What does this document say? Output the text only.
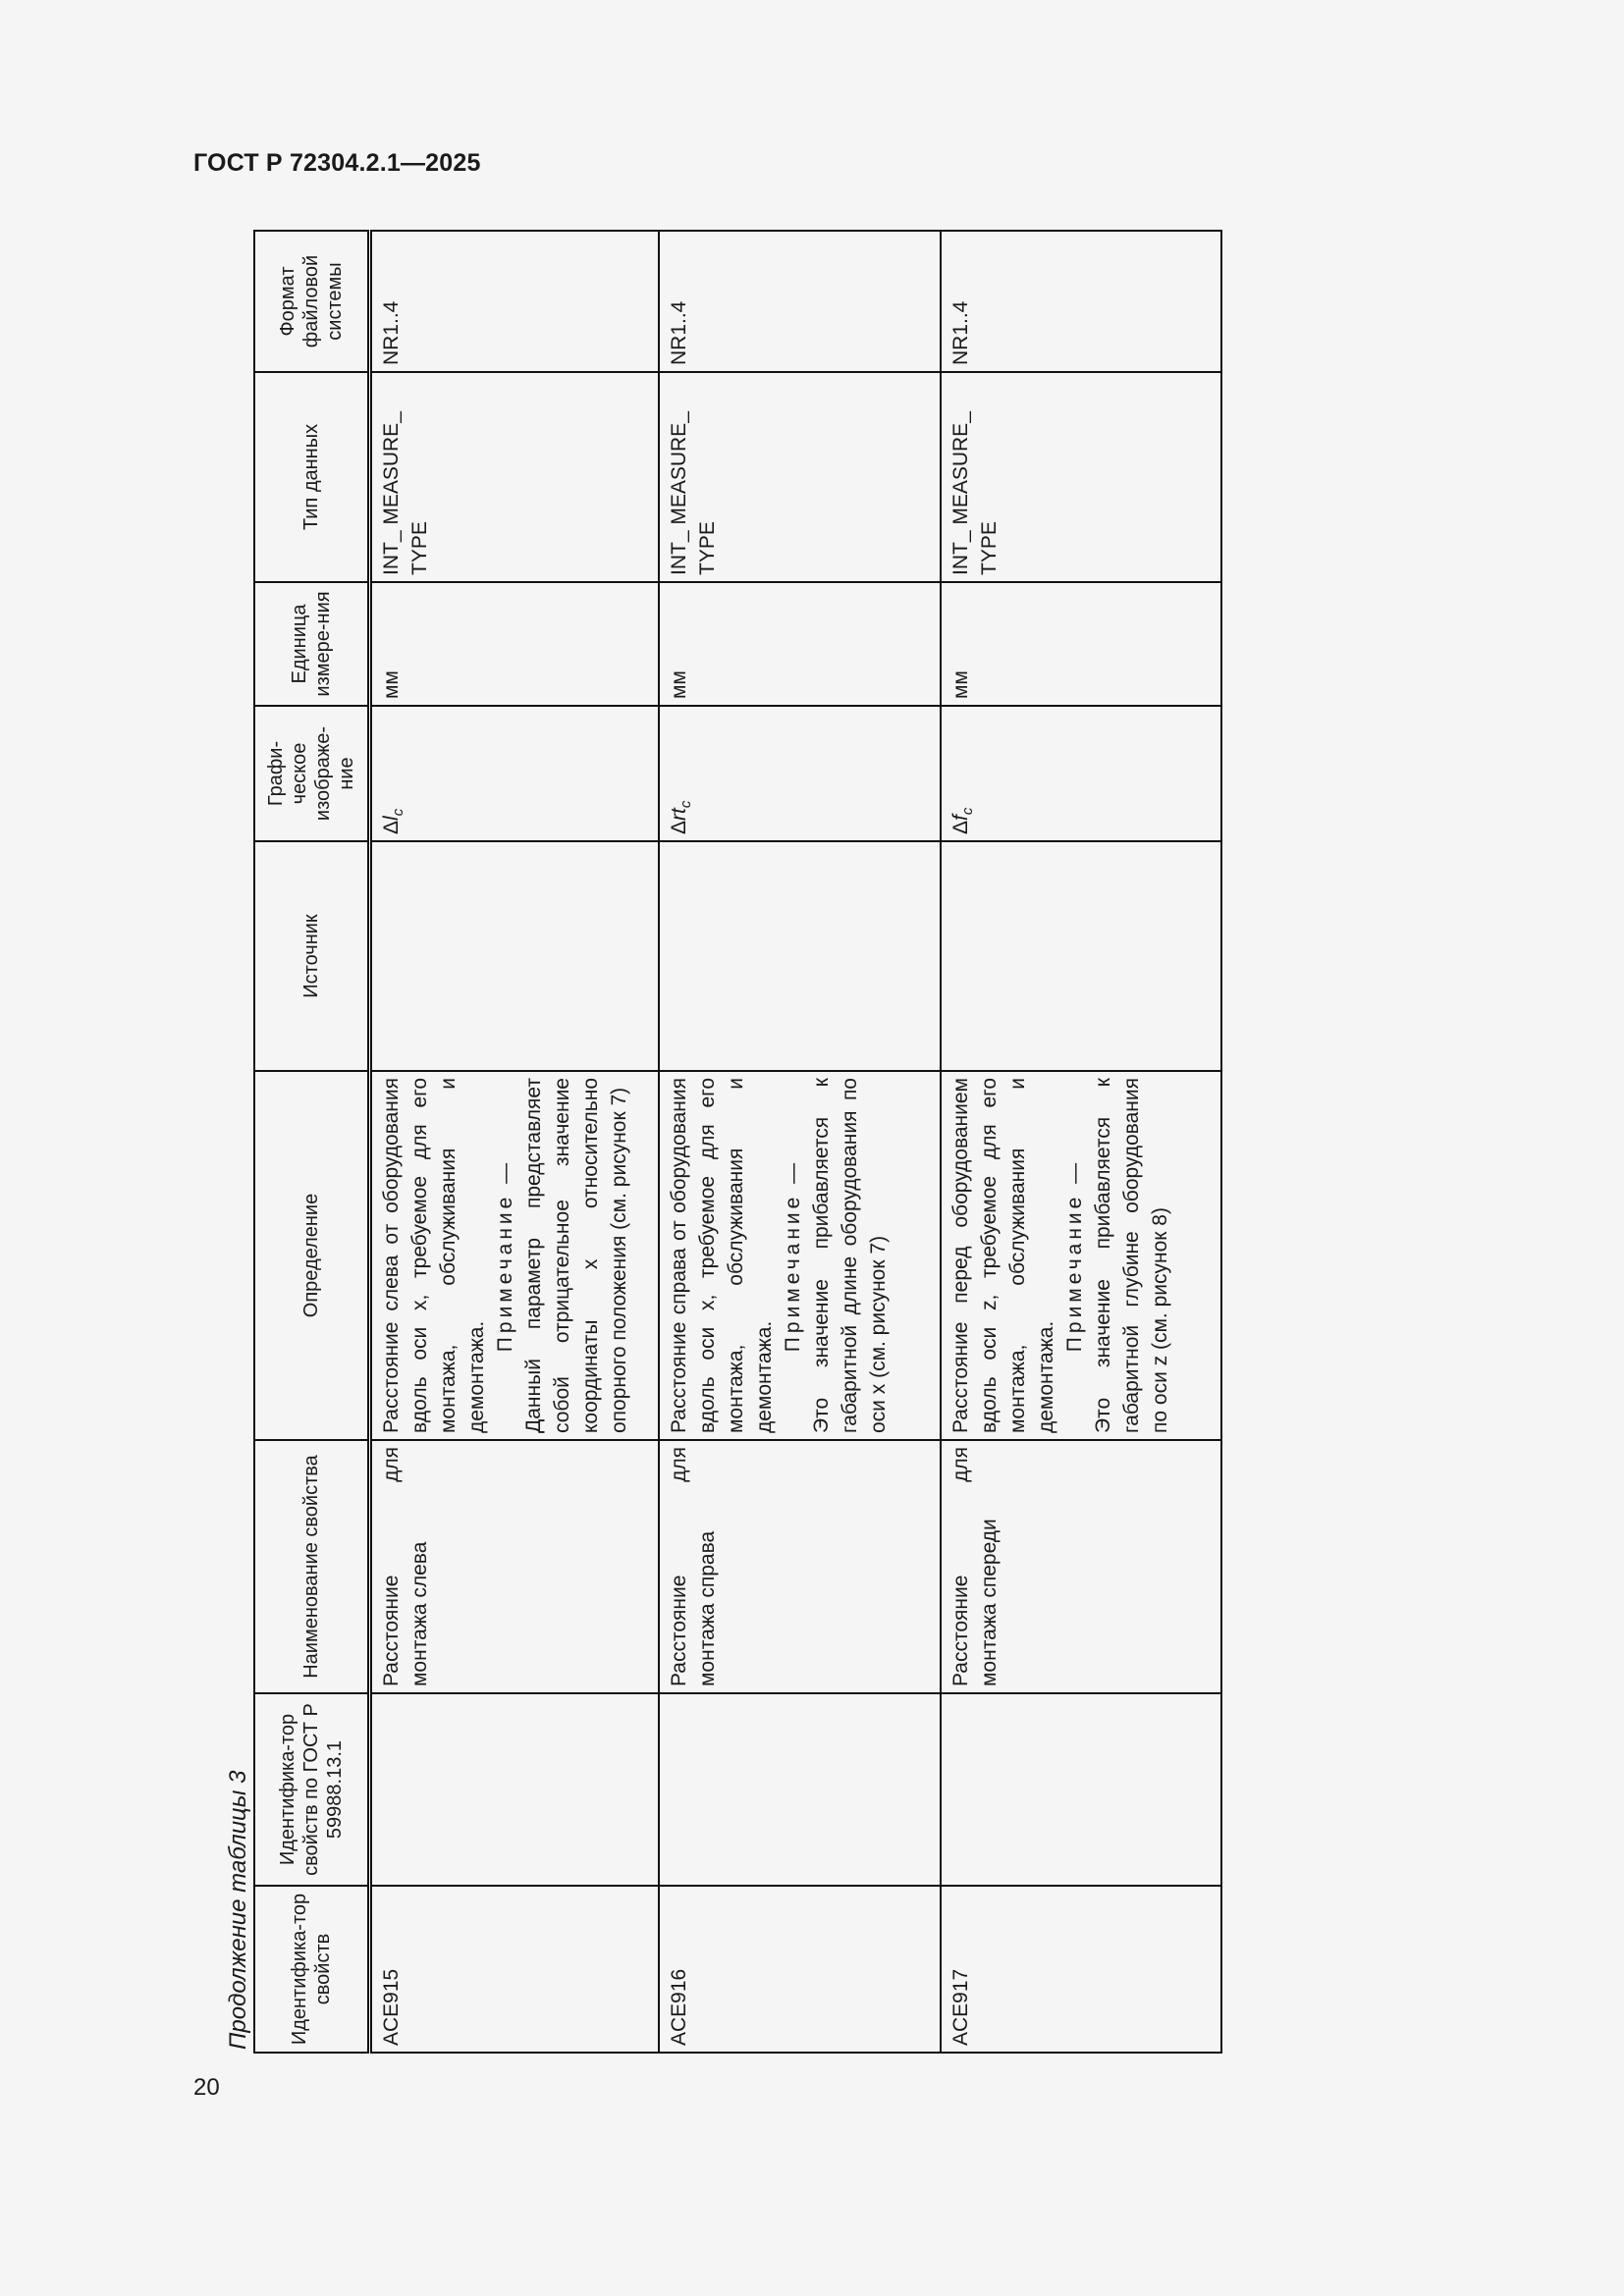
ГОСТ Р 72304.2.1—2025
Продолжение таблицы 3 Идентифика-тор свойств	Идентифика-тор свойств по ГОСТ Р 59988.13.1	Наименование свойства	Определение	Источник	Графи-ческое изображе-ние	Единица измере-ния	Тип данных	Формат файловой системы
ACE915		Расстояние для монтажа слева	Расстояние слева от оборудования вдоль оси x, требуемое для его монтажа, обслуживания и демонтажа.

Примечание — Данный параметр представляет собой отрицательное значение координаты x относительно опорного положения (см. рисунок 7)		$\Delta l_c$	мм	INT_ MEASURE_ TYPE	NR1..4
ACE916		Расстояние для монтажа справа	Расстояние справа от оборудования вдоль оси x, требуемое для его монтажа, обслуживания и демонтажа.

Примечание — Это значение прибавляется к габаритной длине оборудования по оси x (см. рисунок 7)		Δrt$_c$	мм	INT_ MEASURE_ TYPE	NR1..4
ACE917		Расстояние для монтажа спереди	Расстояние перед оборудованием вдоль оси z, требуемое для его монтажа, обслуживания и демонтажа.

Примечание — Это значение прибавляется к габаритной глубине оборудования по оси z (см. рисунок 8)		$\Delta f_c$	мм	INT_ MEASURE_ TYPE	NR1..4
20
